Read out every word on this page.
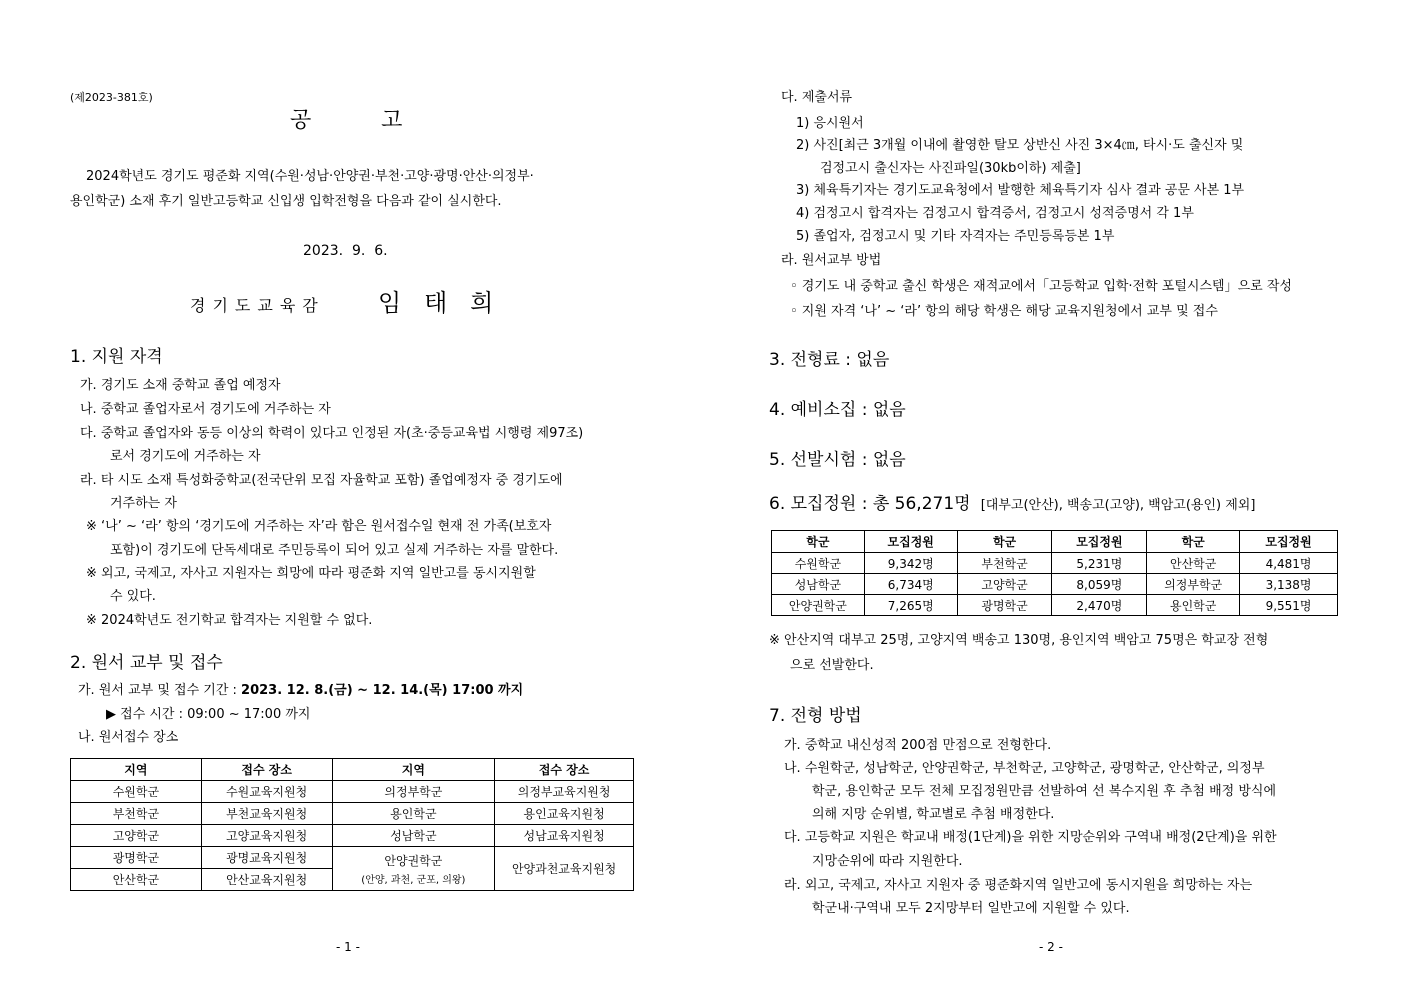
(제2023-381호)
공          고
2024학년도 경기도 평준화 지역(수원·성남·안양권·부천·고양·광명·안산·의정부·
용인학군) 소재 후기 일반고등학교 신입생 입학전형을 다음과 같이 실시한다.
2023.  9.  6.
경기도교육감 임   태   희
1. 지원 자격
가. 경기도 소재 중학교 졸업 예정자
나. 중학교 졸업자로서 경기도에 거주하는 자
다. 중학교 졸업자와 동등 이상의 학력이 있다고 인정된 자(초·중등교육법 시행령 제97조)
로서 경기도에 거주하는 자
라. 타 시도 소재 특성화중학교(전국단위 모집 자율학교 포함) 졸업예정자 중 경기도에
거주하는 자
※ ‘나’ ~ ‘라’ 항의 ‘경기도에 거주하는 자’라 함은 원서접수일 현재 전 가족(보호자
포함)이 경기도에 단독세대로 주민등록이 되어 있고 실제 거주하는 자를 말한다.
※ 외고, 국제고, 자사고 지원자는 희망에 따라 평준화 지역 일반고를 동시지원할
수 있다.
※ 2024학년도 전기학교 합격자는 지원할 수 없다.
2. 원서 교부 및 접수
가. 원서 교부 및 접수 기간 : 2023. 12. 8.(금) ~ 12. 14.(목) 17:00 까지
▶ 접수 시간 : 09:00 ~ 17:00 까지
나. 원서접수 장소
지역	접수 장소	지역	접수 장소
수원학군	수원교육지원청	의정부학군	의정부교육지원청
부천학군	부천교육지원청	용인학군	용인교육지원청
고양학군	고양교육지원청	성남학군	성남교육지원청
광명학군	광명교육지원청	안양권학군
(안양, 과천, 군포, 의왕)	안양과천교육지원청
안산학군	안산교육지원청		
- 1 -
다. 제출서류
1) 응시원서
2) 사진[최근 3개월 이내에 촬영한 탈모 상반신 사진 3×4㎝, 타시·도 출신자 및
검정고시 출신자는 사진파일(30kb이하) 제출]
3) 체육특기자는 경기도교육청에서 발행한 체육특기자 심사 결과 공문 사본 1부
4) 검정고시 합격자는 검정고시 합격증서, 검정고시 성적증명서 각 1부
5) 졸업자, 검정고시 및 기타 자격자는 주민등록등본 1부
라. 원서교부 방법
◦ 경기도 내 중학교 출신 학생은 재적교에서「고등학교 입학·전학 포털시스템」으로 작성
◦ 지원 자격 ‘나’ ~ ‘라’ 항의 해당 학생은 해당 교육지원청에서 교부 및 접수
3. 전형료 : 없음
4. 예비소집 : 없음
5. 선발시험 : 없음
6. 모집정원 : 총 56,271명 [대부고(안산), 백송고(고양), 백암고(용인) 제외]
학군	모집정원	학군	모집정원	학군	모집정원
수원학군	9,342명	부천학군	5,231명	안산학군	4,481명
성남학군	6,734명	고양학군	8,059명	의정부학군	3,138명
안양권학군	7,265명	광명학군	2,470명	용인학군	9,551명
※ 안산지역 대부고 25명, 고양지역 백송고 130명, 용인지역 백암고 75명은 학교장 전형
으로 선발한다.
7. 전형 방법
가. 중학교 내신성적 200점 만점으로 전형한다.
나. 수원학군, 성남학군, 안양권학군, 부천학군, 고양학군, 광명학군, 안산학군, 의정부
학군, 용인학군 모두 전체 모집정원만큼 선발하여 선 복수지원 후 추첨 배정 방식에
의해 지망 순위별, 학교별로 추첨 배정한다.
다. 고등학교 지원은 학교내 배정(1단계)을 위한 지망순위와 구역내 배정(2단계)을 위한
지망순위에 따라 지원한다.
라. 외고, 국제고, 자사고 지원자 중 평준화지역 일반고에 동시지원을 희망하는 자는
학군내·구역내 모두 2지망부터 일반고에 지원할 수 있다.
- 2 -
